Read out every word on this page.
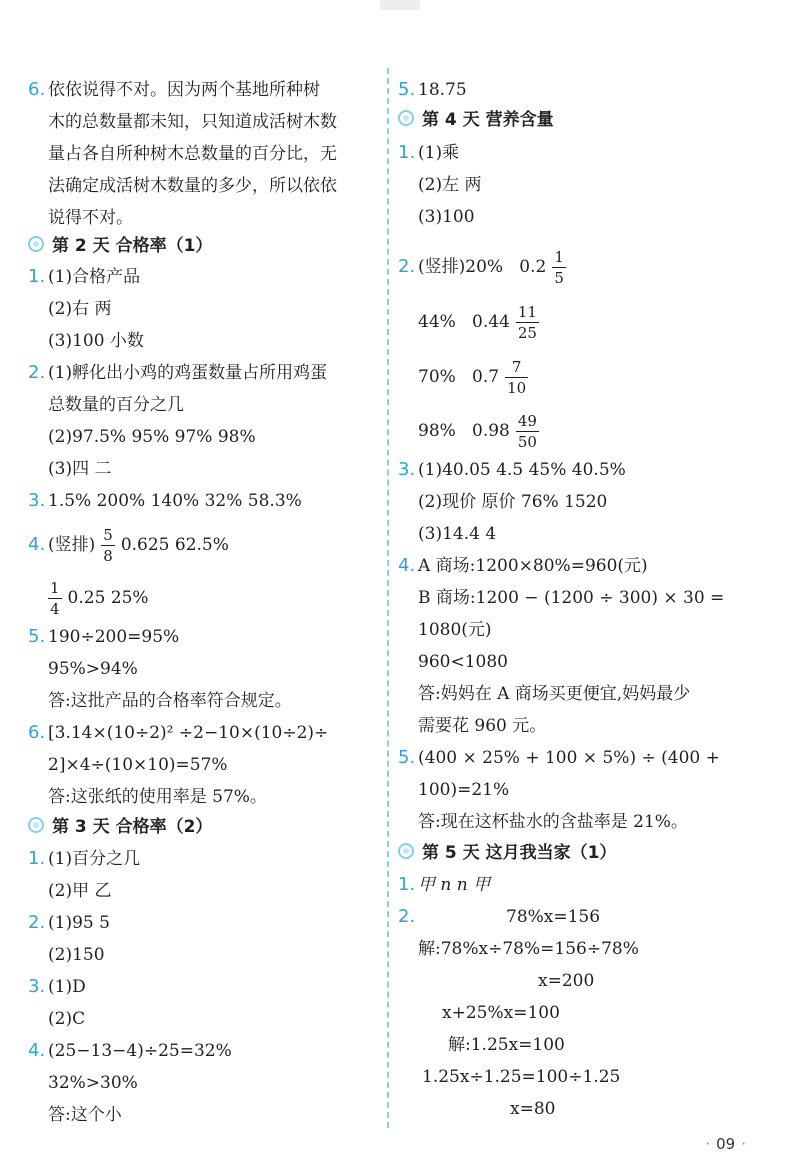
6. 依依说得不对。因为两个基地所种树
木的总数量都未知，只知道成活树木数
量占各自所种树木总数量的百分比，无
法确定成活树木数量的多少，所以依依
说得不对。
第 2 天 合格率（1）
1. (1)合格产品
(2)右 两
(3)100 小数
2. (1)孵化出小鸡的鸡蛋数量占所用鸡蛋
总数量的百分之几
(2)97.5% 95% 97% 98%
(3)四 二
3. 1.5% 200% 140% 32% 58.3%
4. (竖排) $\frac{5}{8} 0.625$ 62.5%
$\frac{1}{4} 0.25$ 25%
5. 190÷200=95%
95%>94%
答:这批产品的合格率符合规定。
6. [3.14×(10÷2)² ÷2−10×(10÷2)÷
2]×4÷(10×10)=57%
答:这张纸的使用率是 57%。
第 3 天 合格率（2）
1. (1)百分之几
(2)甲 乙
2. (1)95 5
(2)150
3. (1)D
(2)C
4. (25−13−4)÷25=32%
32%>30%
答:这个小
5. 18.75
第 4 天 营养含量
1. (1)乘
(2)左 两
(3)100
2. (竖排)20% $0.2 \frac{1}{5}$
44% $0.44 \frac{11}{25}$
70% $0.7 \frac{7}{10}$
98% $0.98 \frac{49}{50}$
3. (1)40.05 4.5 45% 40.5%
(2)现价 原价 76% 1520
(3)14.4 4
4. A 商场:1200×80%=960(元)
B 商场:1200 − (1200 ÷ 300) × 30 =
1080(元)
960<1080
答:妈妈在 A 商场买更便宜,妈妈最少
需要花 960 元。
5. (400 × 25% + 100 × 5%) ÷ (400 +
100)=21%
答:现在这杯盐水的含盐率是 21%。
第 5 天 这月我当家（1）
1. 甲 n n 甲
2.	78%x=156
解:78%x÷78%=156÷78%
x=200
x+25%x=100
解:1.25x=100
1.25x÷1.25=100÷1.25
x=80
· 09 ·
